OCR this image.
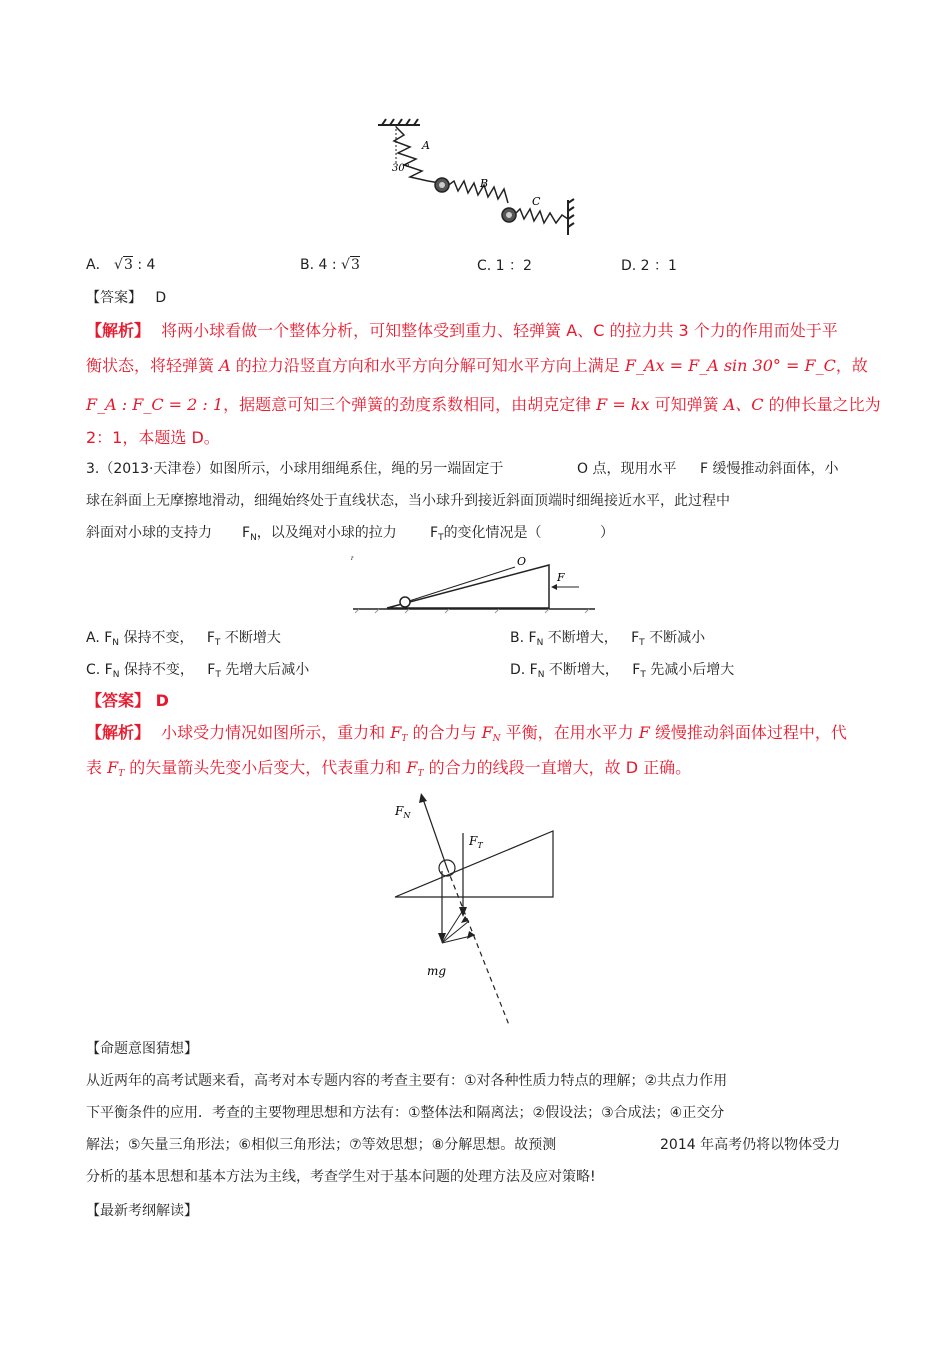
30°
A
B
C
A． √3 : 4	B. 4 : √3	C. 1 ：2	D. 2 ：1
【答案】 D
【解析】 将两小球看做一个整体分析，可知整体受到重力、轻弹簧 A、C 的拉力共 3 个力的作用而处于平
衡状态，将轻弹簧 A 的拉力沿竖直方向和水平方向分解可知水平方向上满足 F_Ax = F_A sin 30° = F_C，故
F_A : F_C = 2 : 1，据题意可知三个弹簧的劲度系数相同，由胡克定律 F = kx 可知弹簧 A、C 的伸长量之比为
2：1，本题选 D。
3.（2013·天津卷）如图所示，小球用细绳系住，绳的另一端固定于	O 点，现用水平 F 缓慢推动斜面体，小
球在斜面上无摩擦地滑动，细绳始终处于直线状态，当小球升到接近斜面顶端时细绳接近水平，此过程中
斜面对小球的支持力 $F_N$，以及绳对小球的拉力 $F_T$的变化情况是（	）
O
F
ˀ
A. $F_N$ 保持不变， $F_T$ 不断增大	B. $F_N$ 不断增大， $F_T$ 不断减小
C. $F_N$ 保持不变， $F_T$ 先增大后减小	D. $F_N$ 不断增大， $F_T$ 先减小后增大
【答案】 D
【解析】 小球受力情况如图所示，重力和 $F_T$ 的合力与 $F_N$ 平衡，在用水平力 F 缓慢推动斜面体过程中，代
表 $F_T$ 的矢量箭头先变小后变大，代表重力和 $F_T$ 的合力的线段一直增大，故 D 正确。
$F_N$
$F_T$
mg
【命题意图猜想】
从近两年的高考试题来看，高考对本专题内容的考查主要有：①对各种性质力特点的理解；②共点力作用
下平衡条件的应用．考查的主要物理思想和方法有：①整体法和隔离法；②假设法；③合成法；④正交分
解法；⑤矢量三角形法；⑥相似三角形法；⑦等效思想；⑧分解思想。故预测	2014 年高考仍将以物体受力
分析的基本思想和基本方法为主线，考查学生对于基本问题的处理方法及应对策略!
【最新考纲解读】
